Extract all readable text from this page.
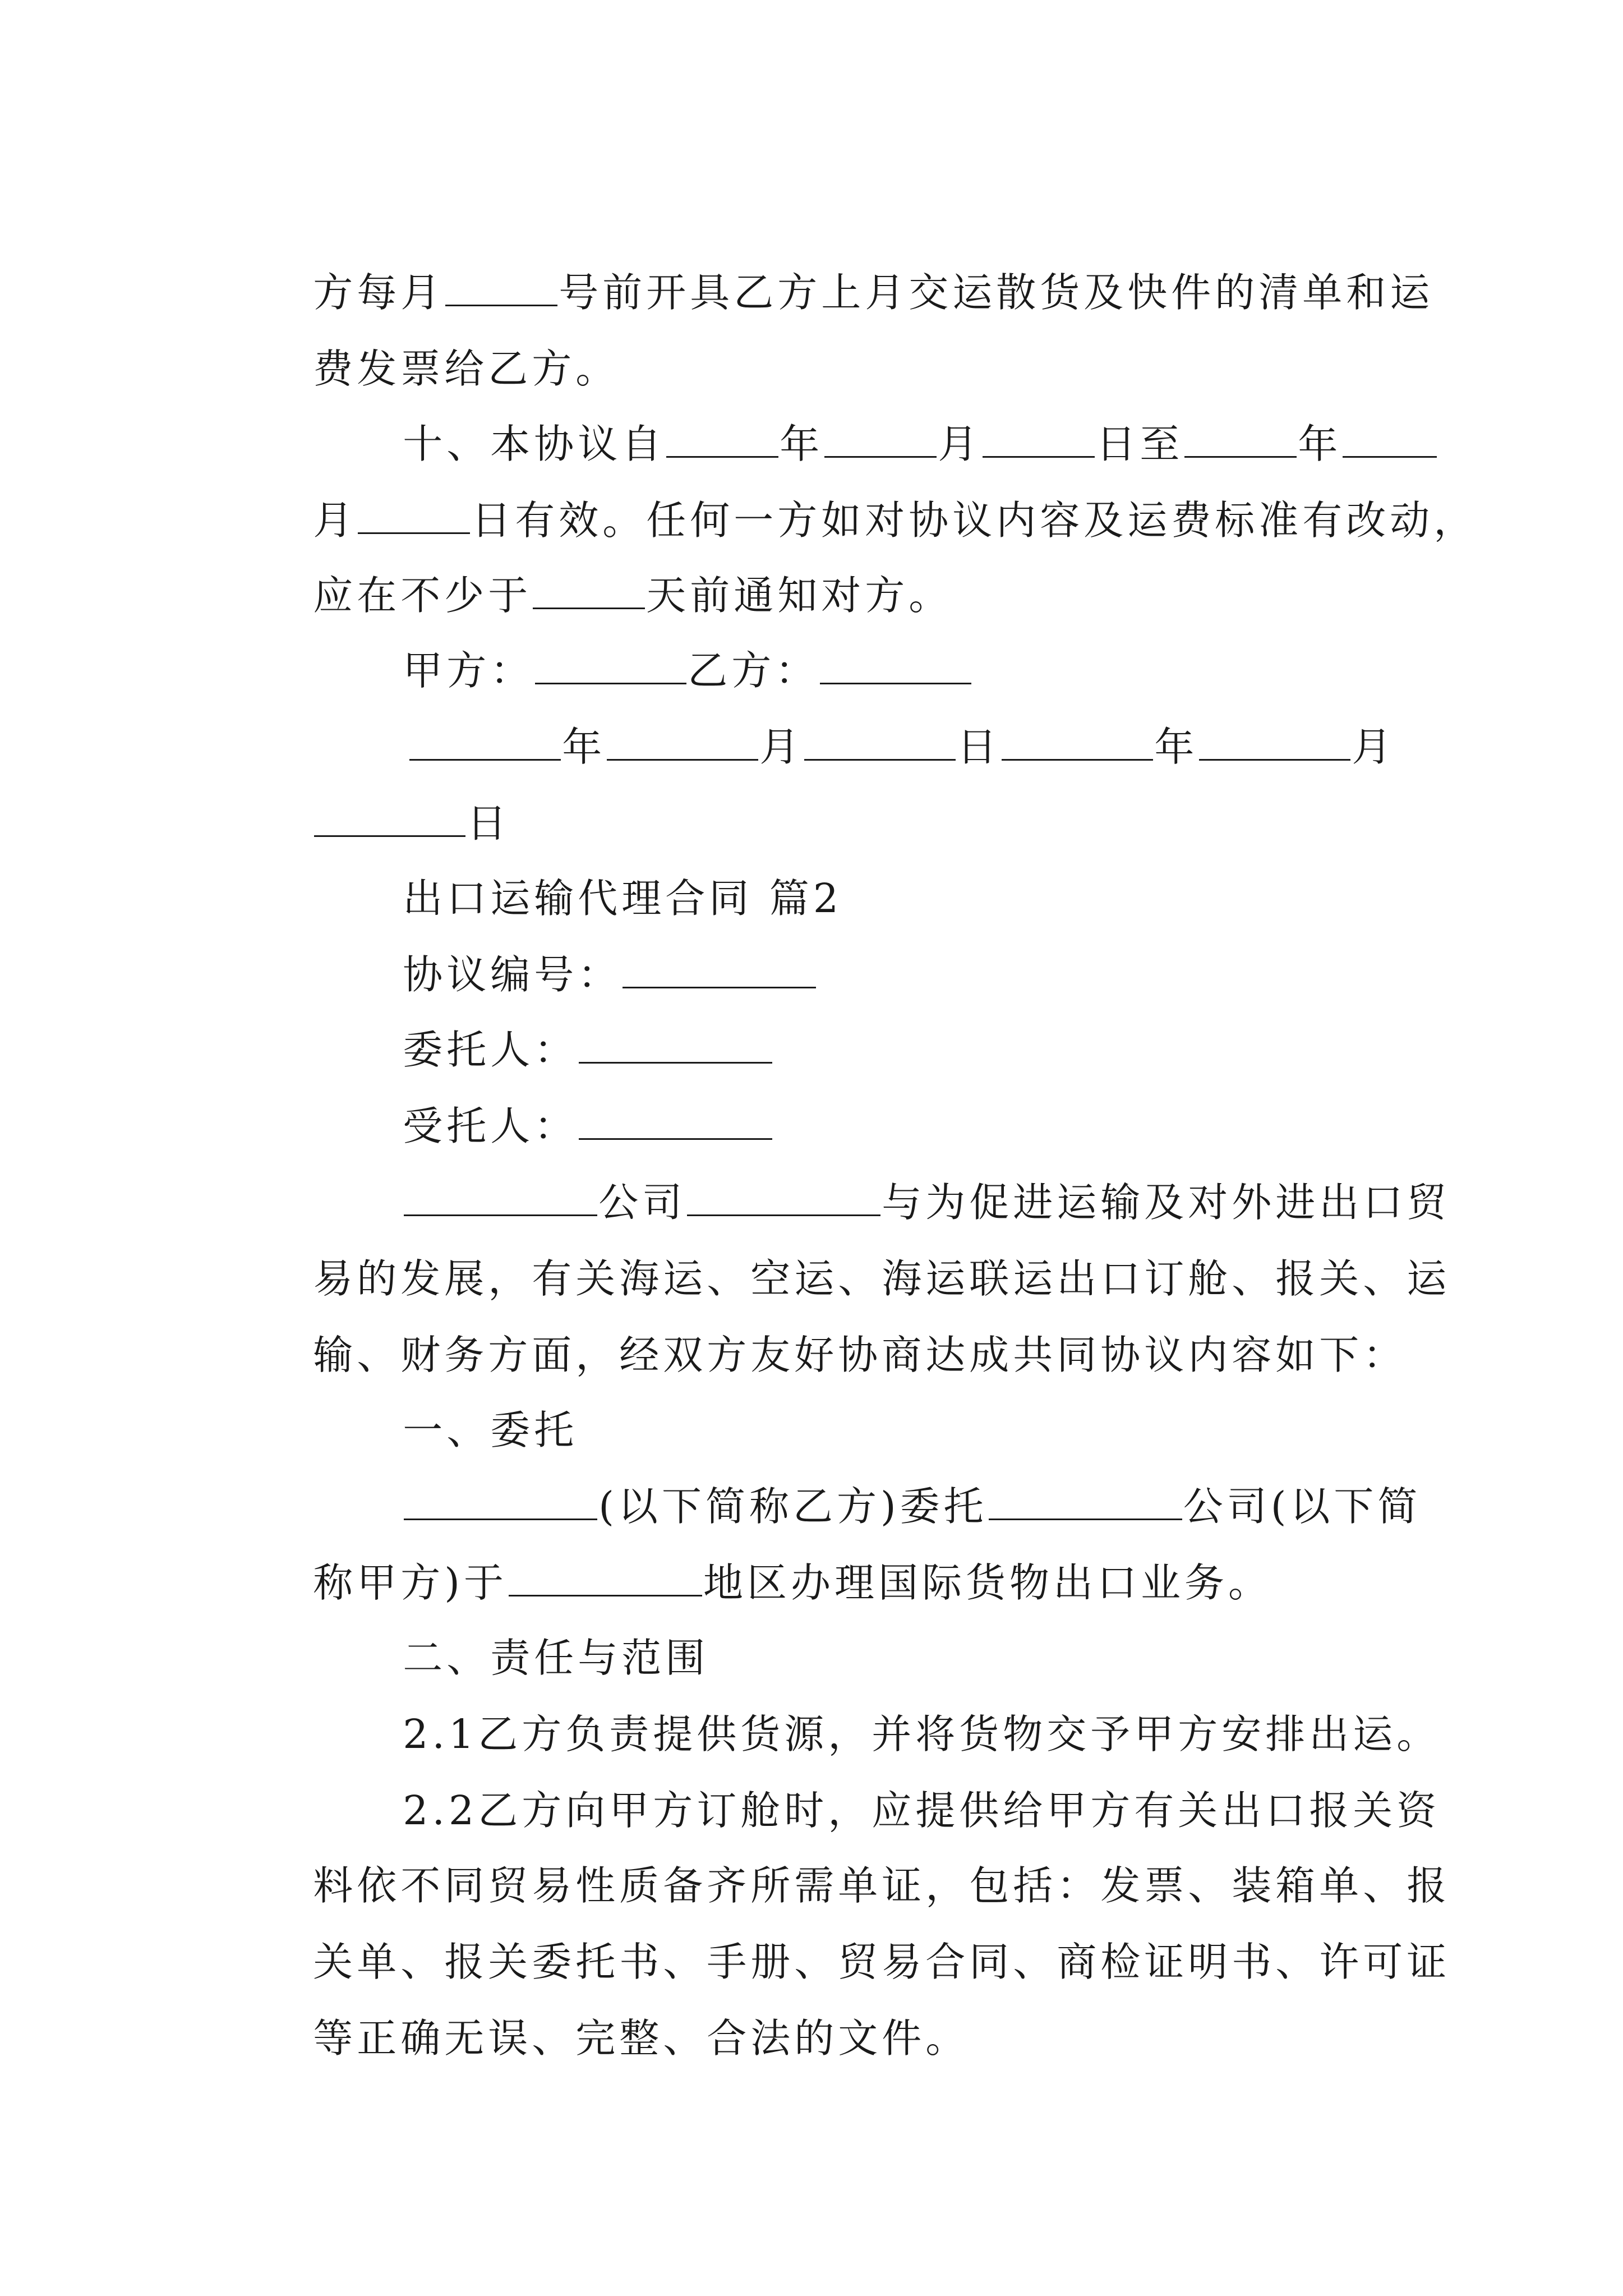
方每月	号前开具乙方上月交运散货及快件的清单和运

费发票给乙方。

十、本协议自	年	月	日至	年

月	日有效。任何一方如对协议内容及运费标准有改动，

应在不少于	天前通知对方。

甲方：	乙方：

年	月	日	年	月

日

出口运输代理合同 篇2

协议编号：

委托人：

受托人：

公司	与为促进运输及对外进出口贸

易的发展，有关海运、空运、海运联运出口订舱、报关、运

输、财务方面，经双方友好协商达成共同协议内容如下：

一、委托

(以下简称乙方)委托	公司(以下简

称甲方)于	地区办理国际货物出口业务。

二、责任与范围

2.1乙方负责提供货源，并将货物交予甲方安排出运。

2.2乙方向甲方订舱时，应提供给甲方有关出口报关资

料依不同贸易性质备齐所需单证，包括：发票、装箱单、报

关单、报关委托书、手册、贸易合同、商检证明书、许可证

等正确无误、完整、合法的文件。
